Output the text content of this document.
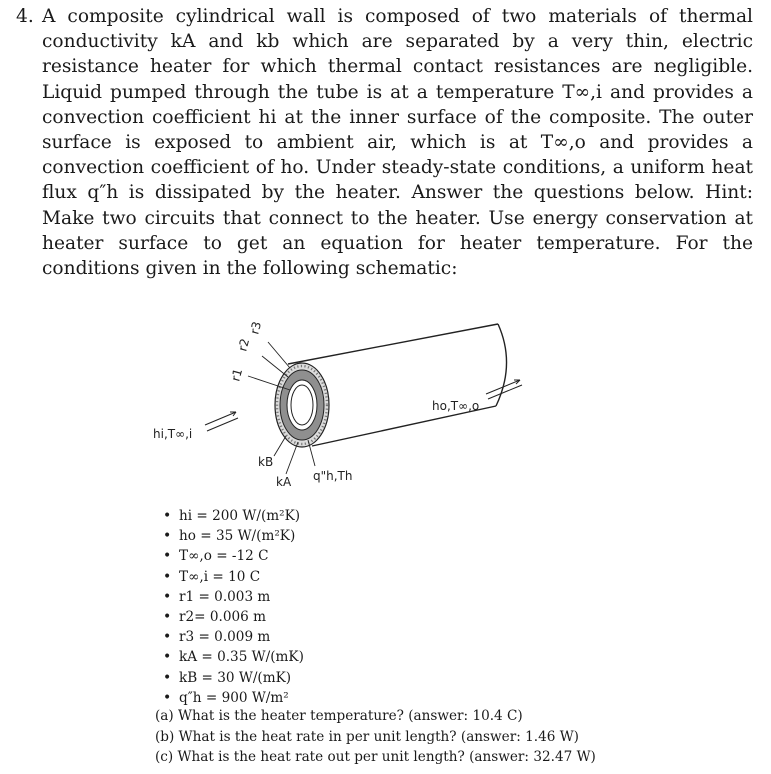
4. A composite cylindrical wall is composed of two materials of thermal conductivity kA and kb which are separated by a very thin, electric resistance heater for which thermal contact resistances are negligible. Liquid pumped through the tube is at a temperature T∞,i and provides a convection coefficient hi at the inner surface of the composite. The outer surface is exposed to ambient air, which is at T∞,o and provides a convection coefficient of ho. Under steady-state conditions, a uniform heat flux q″h is dissipated by the heater. Answer the questions below. Hint: Make two circuits that connect to the heater. Use energy conservation at heater surface to get an equation for heater temperature. For the conditions given in the following schematic:

r3
r2
r1
hi,T∞,i
ho,T∞,o
kB
kA q"h,Th
• hi = 200 W/(m²K)
• ho = 35 W/(m²K)
• T∞,o = -12 C
• T∞,i = 10 C
• r1 = 0.003 m
• r2= 0.006 m
• r3 = 0.009 m
• kA = 0.35 W/(mK)
• kB = 30 W/(mK)
• q″h = 900 W/m²
(a) What is the heater temperature? (answer: 10.4 C)
(b) What is the heat rate in per unit length? (answer: 1.46 W)
(c) What is the heat rate out per unit length? (answer: 32.47 W)
